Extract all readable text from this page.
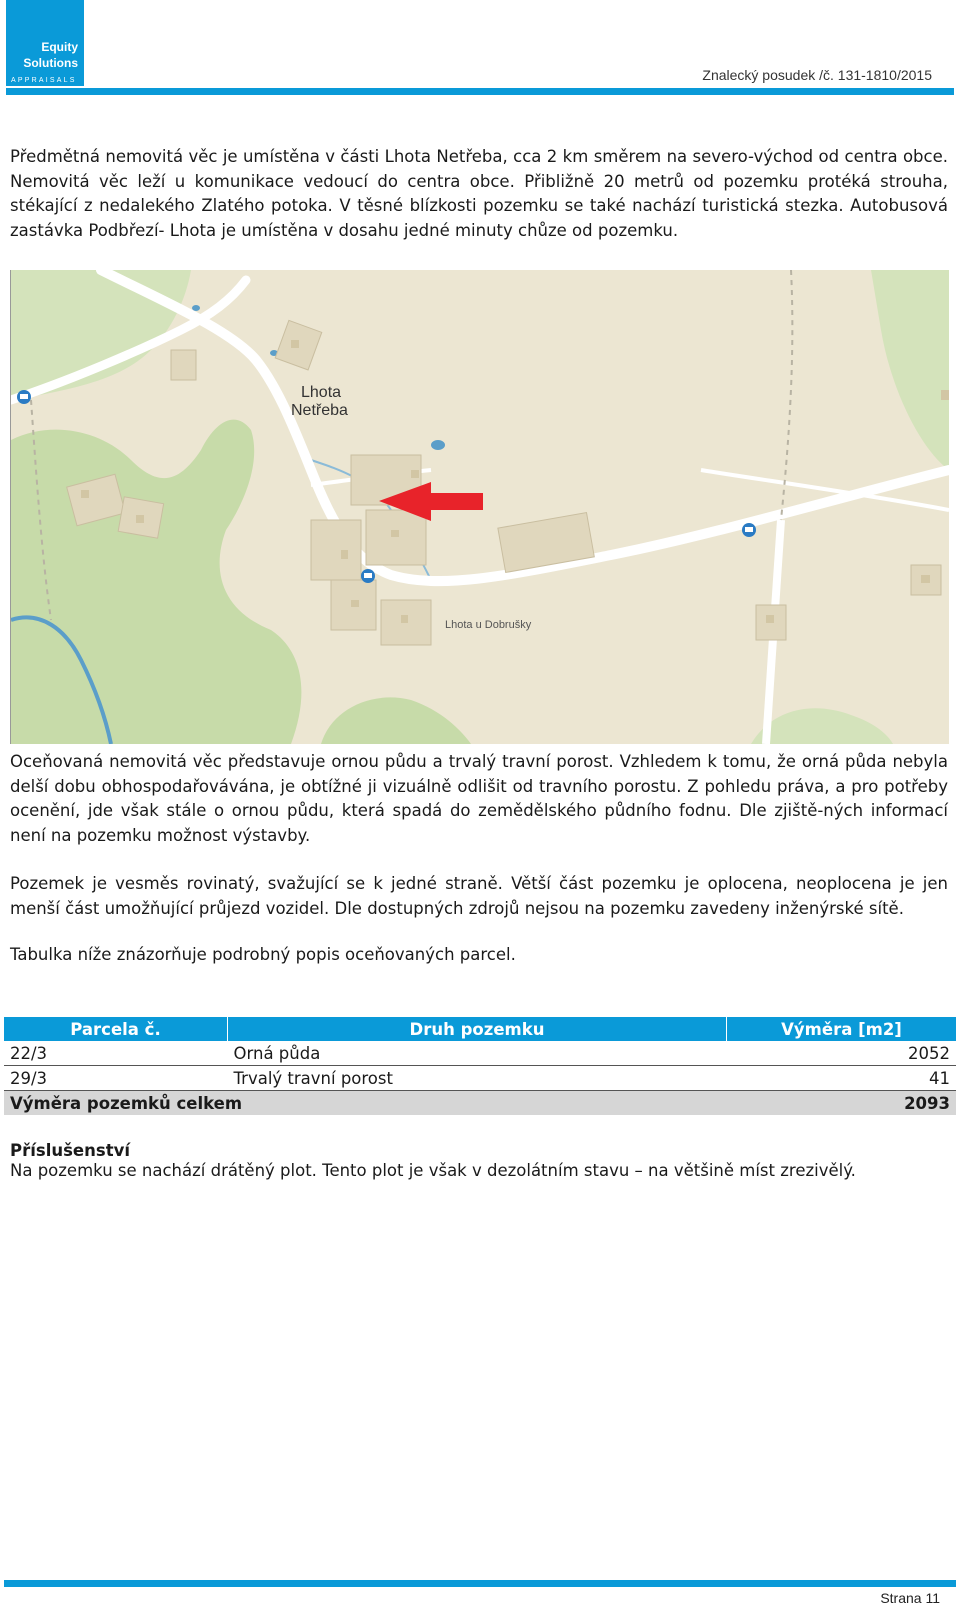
Equity
Solutions
APPRAISALS	Znalecký posudek /č. 131-1810/2015

Předmětná nemovitá věc je umístěna v části Lhota Netřeba, cca 2 km směrem na severo-východ od centra obce. Nemovitá věc leží u komunikace vedoucí do centra obce. Přibližně 20 metrů od pozemku protéká strouha, stékající z nedalekého Zlatého potoka. V těsné blízkosti pozemku se také nachází turistická stezka. Autobusová zastávka Podbřezí- Lhota je umístěna v dosahu jedné minuty chůze od pozemku.

Lhota
Netřeba
Lhota u Dobrušky

Oceňovaná nemovitá věc představuje ornou půdu a trvalý travní porost. Vzhledem k tomu, že orná půda nebyla delší dobu obhospodařovávána, je obtížné ji vizuálně odlišit od travního porostu. Z pohledu práva, a pro potřeby ocenění, jde však stále o ornou půdu, která spadá do zemědělského půdního fodnu. Dle zjiště-ných informací není na pozemku možnost výstavby.

Pozemek je vesměs rovinatý, svažující se k jedné straně. Větší část pozemku je oplocena, neoplocena je jen menší část umožňující průjezd vozidel. Dle dostupných zdrojů nejsou na pozemku zavedeny inženýrské sítě.

Tabulka níže znázorňuje podrobný popis oceňovaných parcel.

Parcela č.	Druh pozemku	Výměra [m2]
22/3	Orná půda	2052
29/3	Trvalý travní porost	41
Výměra pozemků celkem		2093
Příslušenství

Na pozemku se nachází drátěný plot. Tento plot je však v dezolátním stavu – na většině míst zrezivělý.

Strana 11
